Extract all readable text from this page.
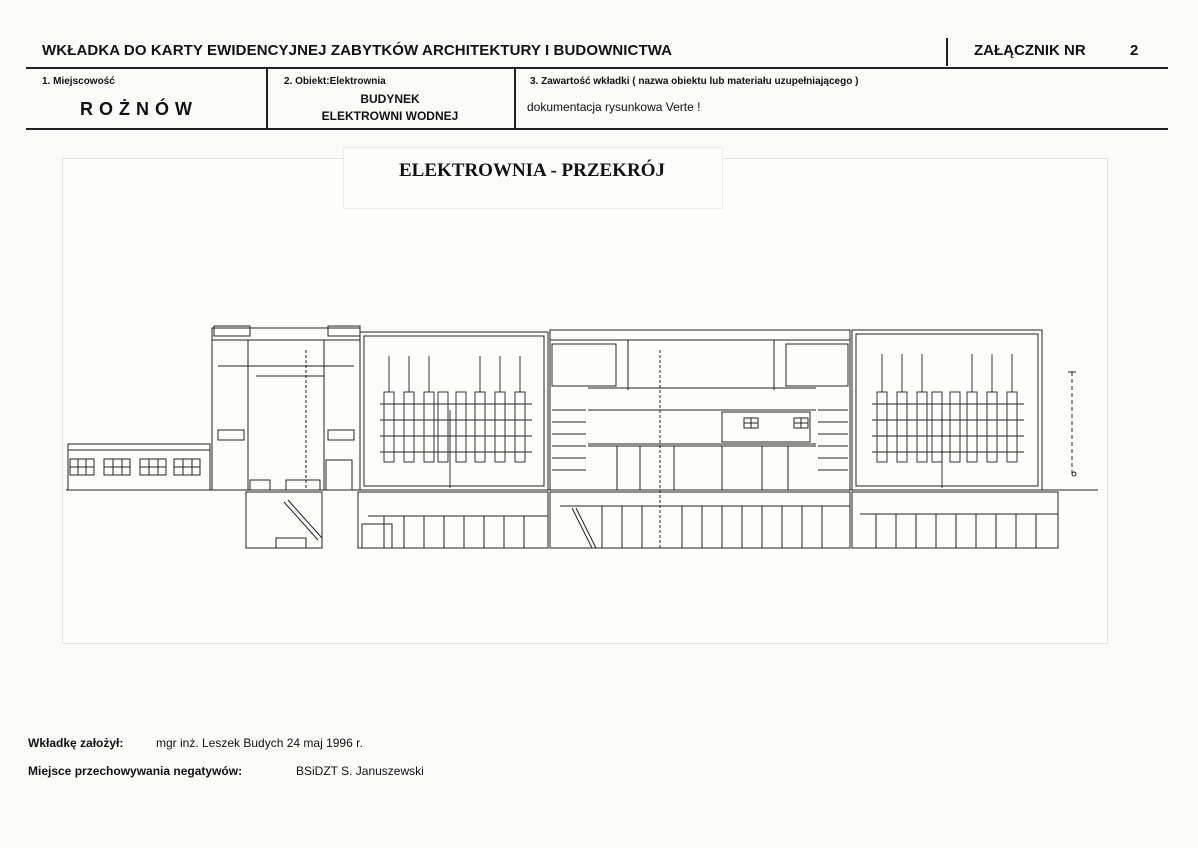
WKŁADKA DO KARTY EWIDENCYJNEJ ZABYTKÓW ARCHITEKTURY I BUDOWNICTWA	ZAŁĄCZNIK NR	2
1. Miejscowość
ROŻNÓW
2. Obiekt:Elektrownia
BUDYNEK
ELEKTROWNI WODNEJ
3. Zawartość wkładki ( nazwa obiektu lub materiału uzupełniającego )
dokumentacja rysunkowa Verte !
ELEKTROWNIA - PRZEKRÓJ
Wkładkę założył:	mgr inż. Leszek Budych 24 maj 1996 r.
Miejsce przechowywania negatywów:	BSiDZT S. Januszewski
